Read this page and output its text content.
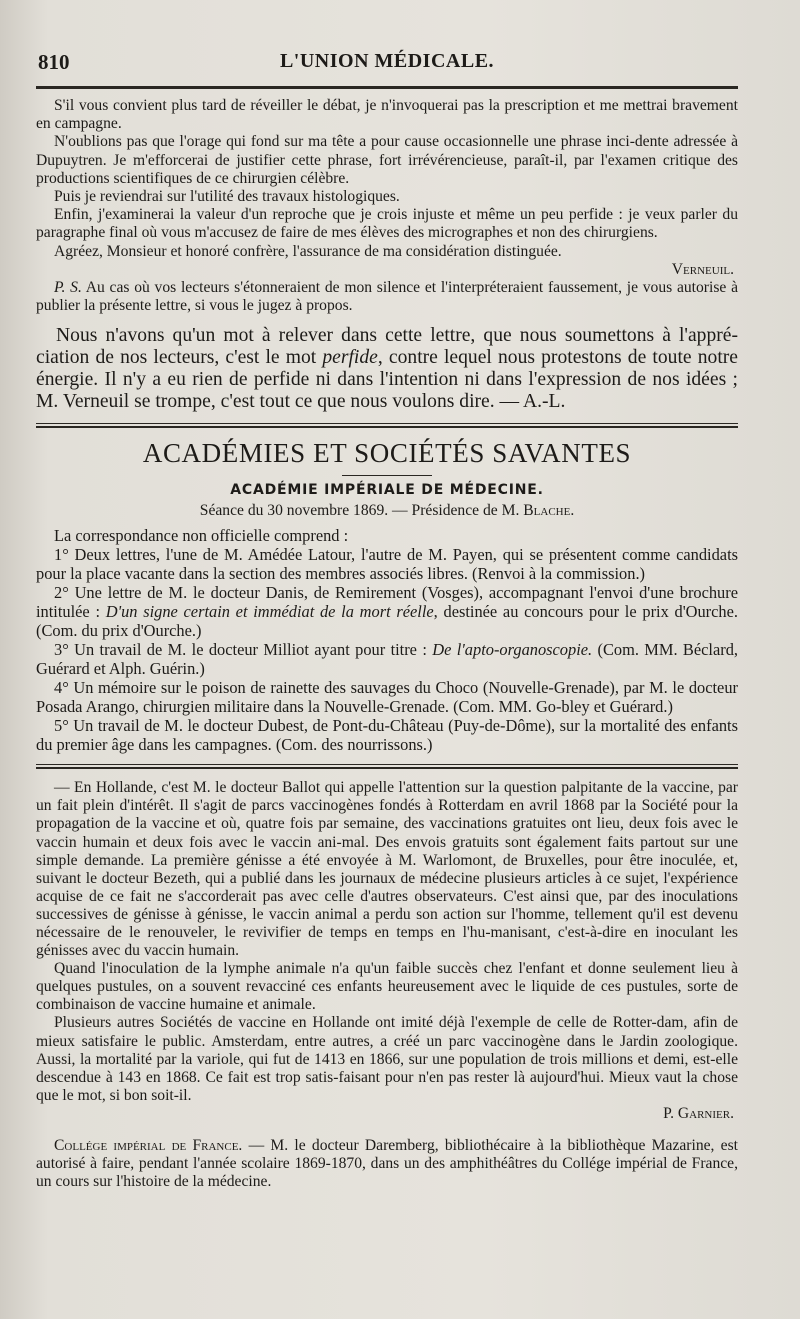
810	L'UNION MÉDICALE.

S'il vous convient plus tard de réveiller le débat, je n'invoquerai pas la prescription et me mettrai bravement en campagne.

N'oublions pas que l'orage qui fond sur ma tête a pour cause occasionnelle une phrase inci-dente adressée à Dupuytren. Je m'efforcerai de justifier cette phrase, fort irrévérencieuse, paraît-il, par l'examen critique des productions scientifiques de ce chirurgien célèbre.

Puis je reviendrai sur l'utilité des travaux histologiques.

Enfin, j'examinerai la valeur d'un reproche que je crois injuste et même un peu perfide : je veux parler du paragraphe final où vous m'accusez de faire de mes élèves des micrographes et non des chirurgiens.

Agréez, Monsieur et honoré confrère, l'assurance de ma considération distinguée.

Verneuil.

P. S. Au cas où vos lecteurs s'étonneraient de mon silence et l'interpréteraient faussement, je vous autorise à publier la présente lettre, si vous le jugez à propos.

Nous n'avons qu'un mot à relever dans cette lettre, que nous soumettons à l'appré-ciation de nos lecteurs, c'est le mot perfide, contre lequel nous protestons de toute notre énergie. Il n'y a eu rien de perfide ni dans l'intention ni dans l'expression de nos idées ; M. Verneuil se trompe, c'est tout ce que nous voulons dire. — A.-L.

ACADÉMIES ET SOCIÉTÉS SAVANTES
ACADÉMIE IMPÉRIALE DE MÉDECINE.
Séance du 30 novembre 1869. — Présidence de M. Blache.

La correspondance non officielle comprend :

1° Deux lettres, l'une de M. Amédée Latour, l'autre de M. Payen, qui se présentent comme candidats pour la place vacante dans la section des membres associés libres. (Renvoi à la commission.)

2° Une lettre de M. le docteur Danis, de Remirement (Vosges), accompagnant l'envoi d'une brochure intitulée : D'un signe certain et immédiat de la mort réelle, destinée au concours pour le prix d'Ourche. (Com. du prix d'Ourche.)

3° Un travail de M. le docteur Milliot ayant pour titre : De l'apto-organoscopie. (Com. MM. Béclard, Guérard et Alph. Guérin.)

4° Un mémoire sur le poison de rainette des sauvages du Choco (Nouvelle-Grenade), par M. le docteur Posada Arango, chirurgien militaire dans la Nouvelle-Grenade. (Com. MM. Go-bley et Guérard.)

5° Un travail de M. le docteur Dubest, de Pont-du-Château (Puy-de-Dôme), sur la mortalité des enfants du premier âge dans les campagnes. (Com. des nourrissons.)

— En Hollande, c'est M. le docteur Ballot qui appelle l'attention sur la question palpitante de la vaccine, par un fait plein d'intérêt. Il s'agit de parcs vaccinogènes fondés à Rotterdam en avril 1868 par la Société pour la propagation de la vaccine et où, quatre fois par semaine, des vaccinations gratuites ont lieu, deux fois avec le vaccin humain et deux fois avec le vaccin ani-mal. Des envois gratuits sont également faits partout sur une simple demande. La première génisse a été envoyée à M. Warlomont, de Bruxelles, pour être inoculée, et, suivant le docteur Bezeth, qui a publié dans les journaux de médecine plusieurs articles à ce sujet, l'expérience acquise de ce fait ne s'accorderait pas avec celle d'autres observateurs. C'est ainsi que, par des inoculations successives de génisse à génisse, le vaccin animal a perdu son action sur l'homme, tellement qu'il est devenu nécessaire de le renouveler, le revivifier de temps en temps en l'hu-manisant, c'est-à-dire en inoculant les génisses avec du vaccin humain.

Quand l'inoculation de la lymphe animale n'a qu'un faible succès chez l'enfant et donne seulement lieu à quelques pustules, on a souvent revacciné ces enfants heureusement avec le liquide de ces pustules, sorte de combinaison de vaccine humaine et animale.

Plusieurs autres Sociétés de vaccine en Hollande ont imité déjà l'exemple de celle de Rotter-dam, afin de mieux satisfaire le public. Amsterdam, entre autres, a créé un parc vaccinogène dans le Jardin zoologique. Aussi, la mortalité par la variole, qui fut de 1413 en 1866, sur une population de trois millions et demi, est-elle descendue à 143 en 1868. Ce fait est trop satis-faisant pour n'en pas rester là aujourd'hui. Mieux vaut la chose que le mot, si bon soit-il.

P. Garnier.

Collége impérial de France. — M. le docteur Daremberg, bibliothécaire à la bibliothèque Mazarine, est autorisé à faire, pendant l'année scolaire 1869-1870, dans un des amphithéâtres du Collége impérial de France, un cours sur l'histoire de la médecine.
